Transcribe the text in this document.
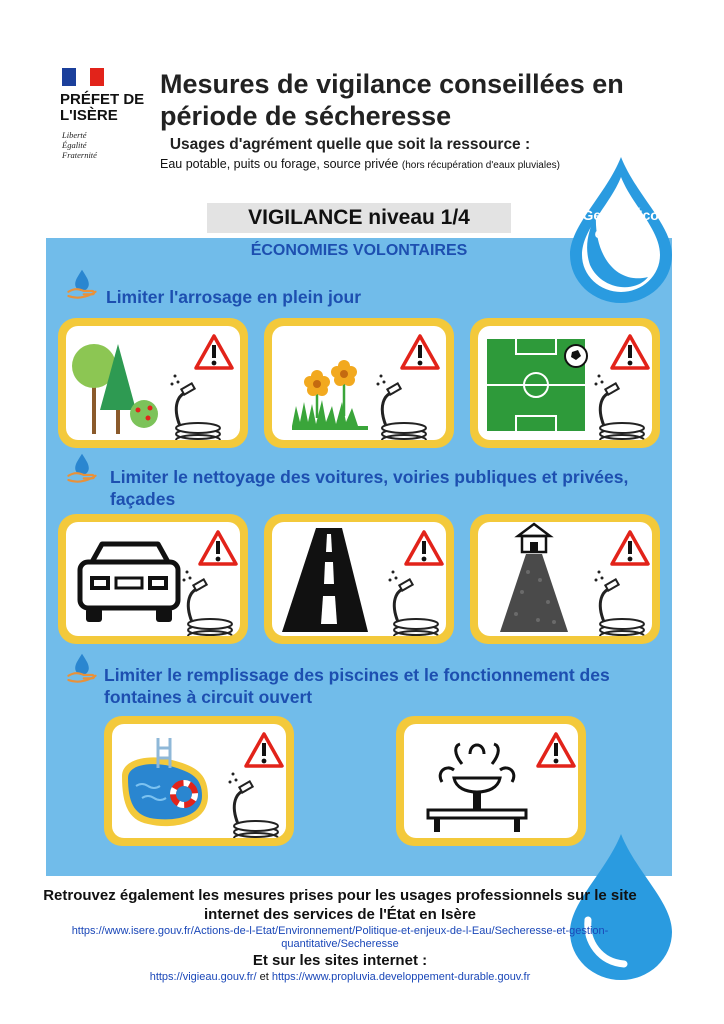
PRÉFET DE L'ISÈRE
Liberté
Égalité
Fraternité
Mesures de vigilance conseillées en période de sécheresse
Usages d'agrément quelle que soit la ressource :
Eau potable, puits ou forage, source privée (hors récupération d'eaux pluviales)
VIGILANCE niveau 1/4
ÉCONOMIES VOLONTAIRES
Gestes Éco-citoyens
Limiter l'arrosage en plein jour
Limiter le nettoyage des voitures, voiries publiques et privées, façades
Limiter le remplissage des piscines et le fonctionnement des fontaines à circuit ouvert
Retrouvez également les mesures prises pour les usages professionnels sur le site internet des services de l'État en Isère
https://www.isere.gouv.fr/Actions-de-l-Etat/Environnement/Politique-et-enjeux-de-l-Eau/Secheresse-et-gestion-quantitative/Secheresse
Et sur les sites internet :
https://vigieau.gouv.fr/ et https://www.propluvia.developpement-durable.gouv.fr
